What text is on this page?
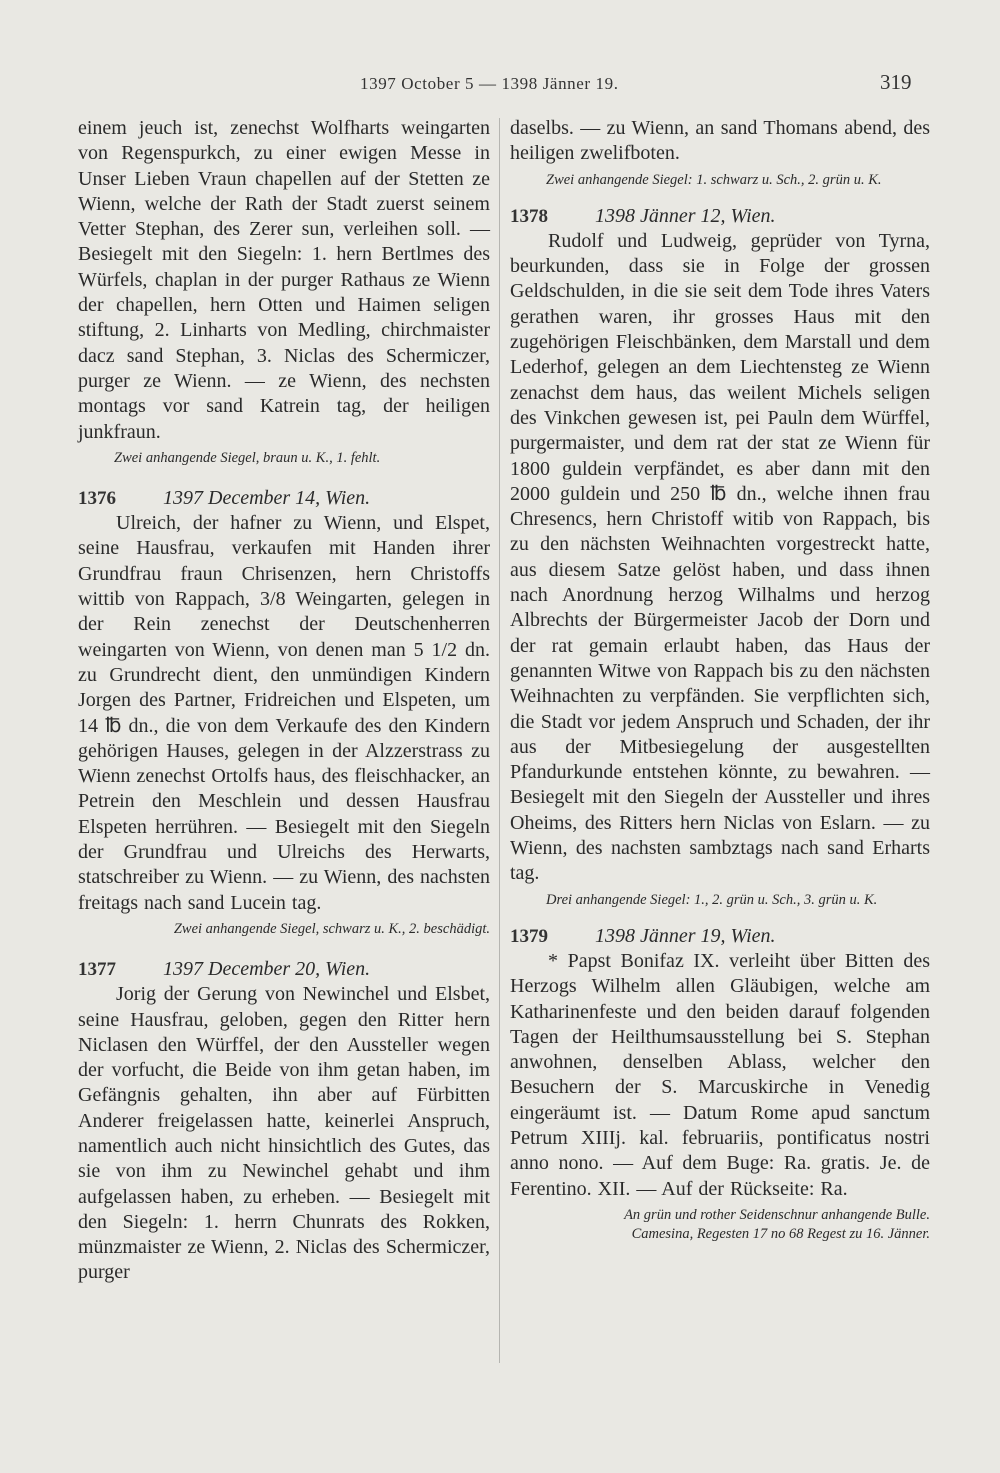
1397 October 5 — 1398 Jänner 19.	319

einem jeuch ist, zenechst Wolfharts weingarten von Regenspurkch, zu einer ewigen Messe in Unser Lieben Vraun chapellen auf der Stetten ze Wienn, welche der Rath der Stadt zuerst seinem Vetter Stephan, des Zerer sun, verleihen soll. — Besiegelt mit den Siegeln: 1. hern Bertlmes des Würfels, chaplan in der purger Rathaus ze Wienn der chapellen, hern Otten und Haimen seligen stiftung, 2. Linharts von Medling, chirchmaister dacz sand Stephan, 3. Niclas des Schermiczer, purger ze Wienn. — ze Wienn, des nechsten montags vor sand Katrein tag, der heiligen junkfraun.

Zwei anhangende Siegel, braun u. K., 1. fehlt.

1376 1397 December 14, Wien.

Ulreich, der hafner zu Wienn, und Elspet, seine Hausfrau, verkaufen mit Handen ihrer Grundfrau fraun Chrisenzen, hern Christoffs wittib von Rappach, 3/8 Weingarten, gelegen in der Rein zenechst der Deutschenherren weingarten von Wienn, von denen man 5 1/2 dn. zu Grundrecht dient, den unmündigen Kindern Jorgen des Partner, Fridreichen und Elspeten, um 14 ℔ dn., die von dem Verkaufe des den Kindern gehörigen Hauses, gelegen in der Alzzerstrass zu Wienn zenechst Ortolfs haus, des fleischhacker, an Petrein den Meschlein und dessen Hausfrau Elspeten herrühren. — Besiegelt mit den Siegeln der Grundfrau und Ulreichs des Herwarts, statschreiber zu Wienn. — zu Wienn, des nachsten freitags nach sand Lucein tag.

Zwei anhangende Siegel, schwarz u. K., 2. beschädigt.

1377 1397 December 20, Wien.

Jorig der Gerung von Newinchel und Elsbet, seine Hausfrau, geloben, gegen den Ritter hern Niclasen den Würffel, der den Aussteller wegen der vorfucht, die Beide von ihm getan haben, im Gefängnis gehalten, ihn aber auf Fürbitten Anderer freigelassen hatte, keinerlei Anspruch, namentlich auch nicht hinsichtlich des Gutes, das sie von ihm zu Newinchel gehabt und ihm aufgelassen haben, zu erheben. — Besiegelt mit den Siegeln: 1. herrn Chunrats des Rokken, münzmaister ze Wienn, 2. Niclas des Schermiczer, purger

daselbs. — zu Wienn, an sand Thomans abend, des heiligen zwelifboten.

Zwei anhangende Siegel: 1. schwarz u. Sch., 2. grün u. K.

1378 1398 Jänner 12, Wien.

Rudolf und Ludweig, geprüder von Tyrna, beurkunden, dass sie in Folge der grossen Geldschulden, in die sie seit dem Tode ihres Vaters gerathen waren, ihr grosses Haus mit den zugehörigen Fleischbänken, dem Marstall und dem Lederhof, gelegen an dem Liechtensteg ze Wienn zenachst dem haus, das weilent Michels seligen des Vinkchen gewesen ist, pei Pauln dem Würffel, purgermaister, und dem rat der stat ze Wienn für 1800 guldein verpfändet, es aber dann mit den 2000 guldein und 250 ℔ dn., welche ihnen frau Chresencs, hern Christoff witib von Rappach, bis zu den nächsten Weihnachten vorgestreckt hatte, aus diesem Satze gelöst haben, und dass ihnen nach Anordnung herzog Wilhalms und herzog Albrechts der Bürgermeister Jacob der Dorn und der rat gemain erlaubt haben, das Haus der genannten Witwe von Rappach bis zu den nächsten Weihnachten zu verpfänden. Sie verpflichten sich, die Stadt vor jedem Anspruch und Schaden, der ihr aus der Mitbesiegelung der ausgestellten Pfandurkunde entstehen könnte, zu bewahren. — Besiegelt mit den Siegeln der Aussteller und ihres Oheims, des Ritters hern Niclas von Eslarn. — zu Wienn, des nachsten sambztags nach sand Erharts tag.

Drei anhangende Siegel: 1., 2. grün u. Sch., 3. grün u. K.

1379 1398 Jänner 19, Wien.

* Papst Bonifaz IX. verleiht über Bitten des Herzogs Wilhelm allen Gläubigen, welche am Katharinenfeste und den beiden darauf folgenden Tagen der Heilthumsausstellung bei S. Stephan anwohnen, denselben Ablass, welcher den Besuchern der S. Marcuskirche in Venedig eingeräumt ist. — Datum Rome apud sanctum Petrum XIIIj. kal. februariis, pontificatus nostri anno nono. — Auf dem Buge: Ra. gratis. Je. de Ferentino. XII. — Auf der Rückseite: Ra.

An grün und rother Seidenschnur anhangende Bulle.

Camesina, Regesten 17 no 68 Regest zu 16. Jänner.
